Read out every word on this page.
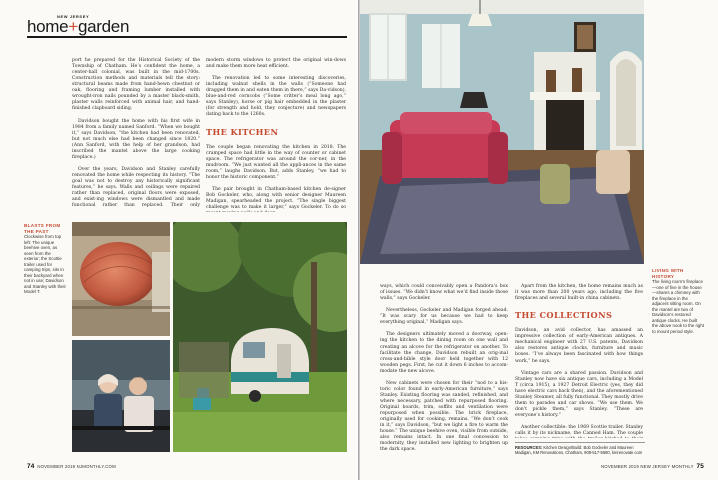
NEW JERSEY
home+garden

port he prepared for the Historical Society of the Township of Chatham. He’s confident the home, a center-hall colonial, was built in the mid-1700s. Construction methods and materials tell the story: structural beams made from hand-hewn chestnut or oak, flooring and framing lumber installed with wrought-iron nails pounded by a master black-smith, plaster walls reinforced with animal hair, and hand-finished clapboard siding.

Davidson bought the home with his first wife in 1984 from a family named Sanford. “When we bought it,” says Davidson, “the kitchen had been renovated, but not much else had been changed since 1820.” (Ann Sanford, with the help of her grandson, had inscribed the mantel above the large cooking fireplace.)

Over the years, Davidson and Stanley carefully renovated the home while respecting its history. “The goal was not to destroy any historically significant features,” he says. Walls and ceilings were repaired rather than replaced, original floors were exposed, and exist-ing windows were dismantled and made functional rather than replaced. Their only

modern storm windows to protect the original win-dows and make them more heat efficient.

The renovation led to some interesting discoveries, including walnut shells in the walls (“Someone had dragged them in and eaten them in there,” says Da-vidson), blue-and-red corncobs (“Some critter’s meal long ago,” says Stanley), horse or pig hair embedded in the plaster (for strength and hold, they conjecture) and newspapers dating back to the 1260s.

THE KITCHEN

The couple began renovating the kitchen in 2018. The cramped space had little in the way of counter or cabinet space. The refrigerator was around the cor-ner, in the mudroom. “We just wanted all the appli-ances in the same room,” laughs Davidson. But, adds Stanley, “we had to honor the historic component.”

The pair brought in Chatham-based kitchen de-signer Bob Gockeler, who, along with senior designer Maureen Madigan, spearheaded the project. “The single biggest challenge was to make it larger,” says Gockeler. To do so

BLASTS FROM THE PAST
Clockwise from top left: The unique beehive oven, as seen from the exterior; the Scottie trailer used for camping trips, sits in their backyard when not in use; Davidson and Stanley with their Model T.
74 NOVEMBER 2019 NJMONTHLY.COM
LIVING WITH HISTORY
The living room’s fireplace—one of five in the house—shares a chimney with the fireplace in the adjacent sitting room. On the mantel are two of Davidson’s restored antique clocks. He built the above nook to the right to mount period style.

ways, which could conceivably open a Pandora’s box of issues. “We didn’t know what we’d find inside those walls,” says Gockeler.

Nevertheless, Gockeler and Madigan forged ahead. “It was scary for us because we had to keep everything original,” Madigan says.

The designers ultimately moved a doorway, open-ing the kitchen to the dining room on one wall and creating an alcove for the refrigerator on another. To facilitate the change, Davidson rebuilt an orig-inal cross-and-bible style door held together with 12 wooden pegs. First, he cut it down 6 inches to accom-modate the new alcove.

New cabinets were chosen for their “nod to a his-toric color found in early-American furniture,” says Stanley. Existing flooring was sanded, refinished, and where necessary, patched with repurposed flooring. Original boards, trim, soffits and ventilation were repurposed when possible. The brick fireplace, originally used for cooking, remains. “We don’t cook in it,” says Davidson, “but we light a fire to warm the house.” The unique beehive oven, visible from outside, also remains intact. In one final concession to modernity, they installed new lighting to brighten up the dark space.

Apart from the kitchen, the home remains much as it was more than 200 years ago, including the five fireplaces and several built-in china cabinets.

THE COLLECTIONS

Davidson, an avid collector, has amassed an impressive collection of early-American antiques. A mechanical engineer with 27 U.S. patents, Davidson also restores antique clocks, furniture and music boxes. “I’ve always been fascinated with how things work,” he says.

Vintage cars are a shared passion. Davidson and Stanley now have six antique cars, including a Model T (circa 1915), a 1927 Detroit Electric (yes, they did have electric cars back then), and the aforementioned Stanley Steamer, all fully functional. They mostly drive them to parades and car shows. “We use them. We don’t pickle them,” says Stanley. “These are everyone’s history.”

Another collectible: the 1969 Scottie trailer. Stanley calls it by its nickname, the Canned Ham. The couple

RESOURCES: Kitchen Design/Build: Bob Gockeler and Maureen Madigan, KM Renovations, Chatham, 908-517-5580, kmrenovate.com
NOVEMBER 2019 NEW JERSEY MONTHLY 75
